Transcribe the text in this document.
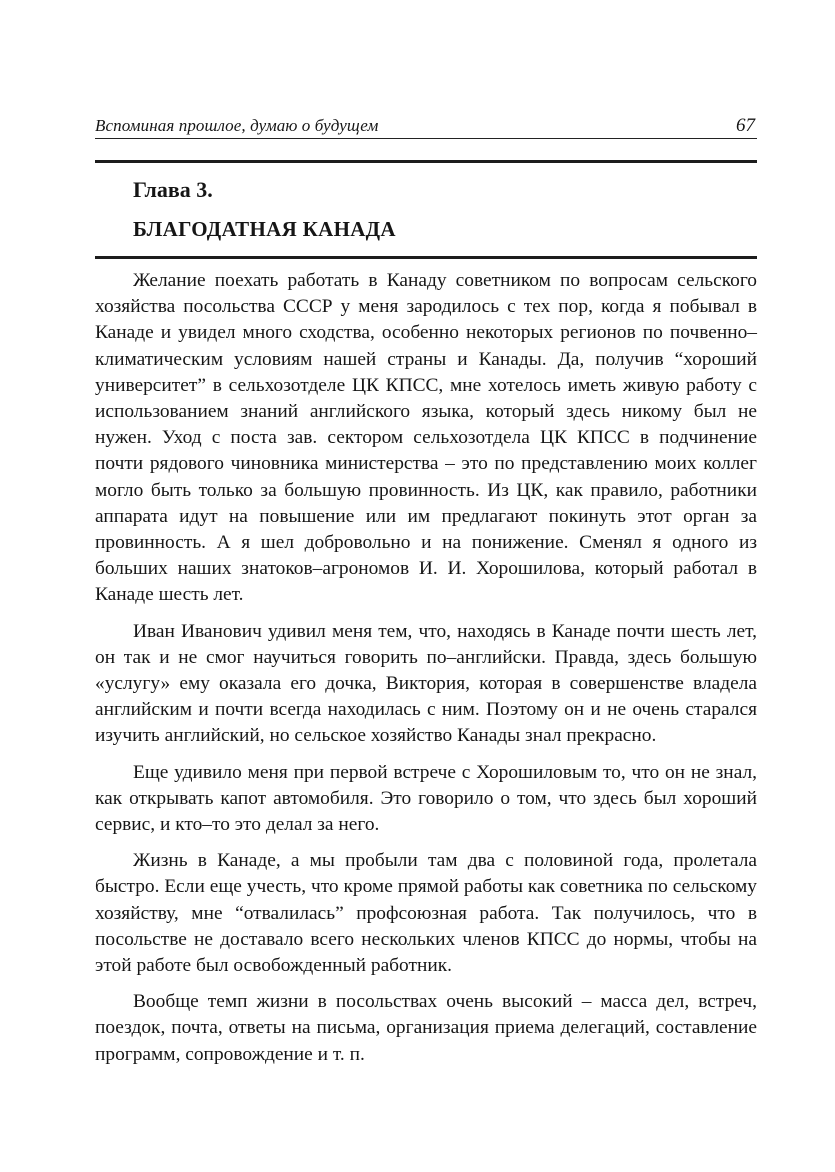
Вспоминая прошлое, думаю о будущем	67
Глава 3.
БЛАГОДАТНАЯ КАНАДА

Желание поехать работать в Канаду советником по вопросам сельского хозяйства посольства СССР у меня зародилось с тех пор, когда я побывал в Канаде и увидел много сходства, особенно некоторых регионов по почвенно–климатическим условиям нашей страны и Канады. Да, получив “хороший университет” в сельхозотделе ЦК КПСС, мне хотелось иметь живую работу с использованием знаний английского языка, который здесь никому был не нужен. Уход с поста зав. сектором сельхозотдела ЦК КПСС в подчинение почти рядового чиновника министерства – это по представлению моих коллег могло быть только за большую провинность. Из ЦК, как правило, работники аппарата идут на повышение или им предлагают покинуть этот орган за провинность. А я шел добровольно и на понижение. Сменял я одного из больших наших знатоков–агрономов И. И. Хорошилова, который работал в Канаде шесть лет.

Иван Иванович удивил меня тем, что, находясь в Канаде почти шесть лет, он так и не смог научиться говорить по–английски. Правда, здесь большую «услугу» ему оказала его дочка, Виктория, которая в совершенстве владела английским и почти всегда находилась с ним. Поэтому он и не очень старался изучить английский, но сельское хозяйство Канады знал прекрасно.

Еще удивило меня при первой встрече с Хорошиловым то, что он не знал, как открывать капот автомобиля. Это говорило о том, что здесь был хороший сервис, и кто–то это делал за него.

Жизнь в Канаде, а мы пробыли там два с половиной года, пролетала быстро. Если еще учесть, что кроме прямой работы как советника по сельскому хозяйству, мне “отвалилась” профсоюзная работа. Так получилось, что в посольстве не доставало всего нескольких членов КПСС до нормы, чтобы на этой работе был освобожденный работник.

Вообще темп жизни в посольствах очень высокий – масса дел, встреч, поездок, почта, ответы на письма, организация приема делегаций, составление программ, сопровождение и т. п.
